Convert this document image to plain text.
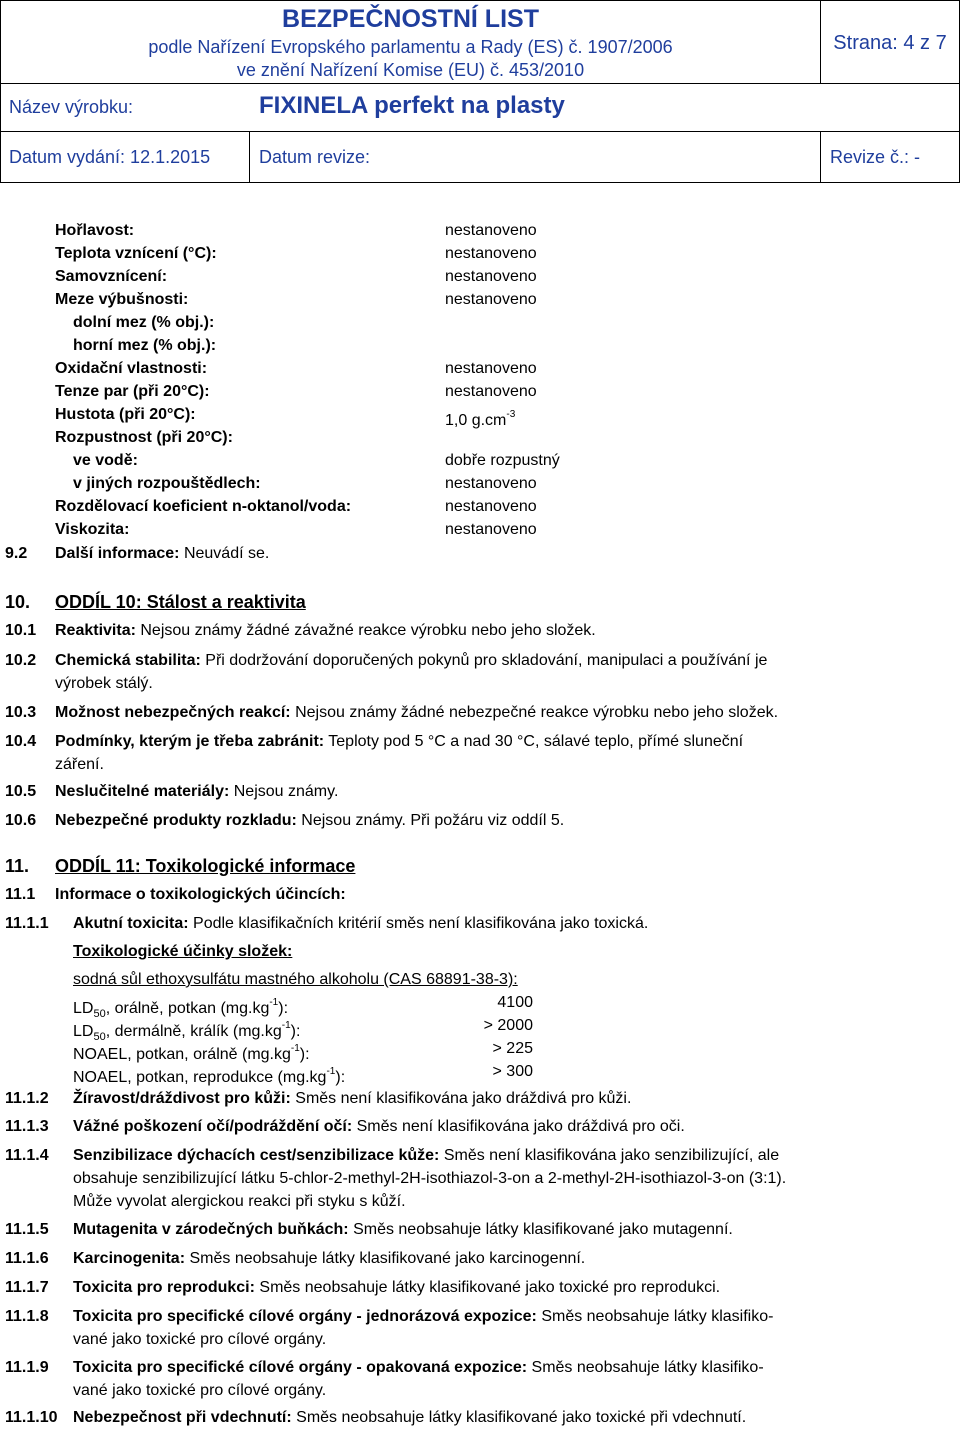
BEZPEČNOSTNÍ LIST
podle Nařízení Evropského parlamentu a Rady (ES) č. 1907/2006
ve znění Nařízení Komise (EU) č. 453/2010
Strana: 4 z 7
Název výrobku:	FIXINELA perfekt na plasty
Datum vydání: 12.1.2015	Datum revize:	Revize č.: -
Hořlavost:	nestanoveno
Teplota vznícení (°C):	nestanoveno
Samovznícení:	nestanoveno
Meze výbušnosti:	nestanoveno
dolní mez (% obj.):
horní mez (% obj.):
Oxidační vlastnosti:	nestanoveno
Tenze par (při 20°C):	nestanoveno
Hustota (při 20°C):	1,0 $g.cm^{-3}$
Rozpustnost (při 20°C):
ve vodě:	dobře rozpustný
v jiných rozpouštědlech:	nestanoveno
Rozdělovací koeficient n-oktanol/voda:	nestanoveno
Viskozita:	nestanoveno
9.2 Další informace: Neuvádí se.
10. ODDÍL 10: Stálost a reaktivita
10.1 Reaktivita: Nejsou známy žádné závažné reakce výrobku nebo jeho složek.
10.2 Chemická stabilita: Při dodržování doporučených pokynů pro skladování, manipulaci a používání je
výrobek stálý.
10.3 Možnost nebezpečných reakcí: Nejsou známy žádné nebezpečné reakce výrobku nebo jeho složek.
10.4 Podmínky, kterým je třeba zabránit: Teploty pod 5 °C a nad 30 °C, sálavé teplo, přímé sluneční
záření.
10.5 Neslučitelné materiály: Nejsou známy.
10.6 Nebezpečné produkty rozkladu: Nejsou známy. Při požáru viz oddíl 5.
11. ODDÍL 11: Toxikologické informace
11.1 Informace o toxikologických účincích:
11.1.1 Akutní toxicita: Podle klasifikačních kritérií směs není klasifikována jako toxická.
Toxikologické účinky složek:
sodná sůl ethoxysulfátu mastného alkoholu (CAS 68891-38-3):
$LD_{50}$, orálně, potkan $(mg.kg^{-1})$:	4100
$LD_{50}$, dermálně, králík $(mg.kg^{-1})$:	> 2000
NOAEL, potkan, orálně $(mg.kg^{-1})$:	> 225
NOAEL, potkan, reprodukce $(mg.kg^{-1})$:	> 300
11.1.2 Žíravost/dráždivost pro kůži: Směs není klasifikována jako dráždivá pro kůži.
11.1.3 Vážné poškození očí/podráždění očí: Směs není klasifikována jako dráždivá pro oči.
11.1.4 Senzibilizace dýchacích cest/senzibilizace kůže: Směs není klasifikována jako senzibilizující, ale
obsahuje senzibilizující látku 5-chlor-2-methyl-2H-isothiazol-3-on a 2-methyl-2H-isothiazol-3-on (3:1).
Může vyvolat alergickou reakci při styku s kůží.
11.1.5 Mutagenita v zárodečných buňkách: Směs neobsahuje látky klasifikované jako mutagenní.
11.1.6 Karcinogenita: Směs neobsahuje látky klasifikované jako karcinogenní.
11.1.7 Toxicita pro reprodukci: Směs neobsahuje látky klasifikované jako toxické pro reprodukci.
11.1.8 Toxicita pro specifické cílové orgány - jednorázová expozice: Směs neobsahuje látky klasifiko-
vané jako toxické pro cílové orgány.
11.1.9 Toxicita pro specifické cílové orgány - opakovaná expozice: Směs neobsahuje látky klasifiko-
vané jako toxické pro cílové orgány.
11.1.10 Nebezpečnost při vdechnutí: Směs neobsahuje látky klasifikované jako toxické při vdechnutí.
